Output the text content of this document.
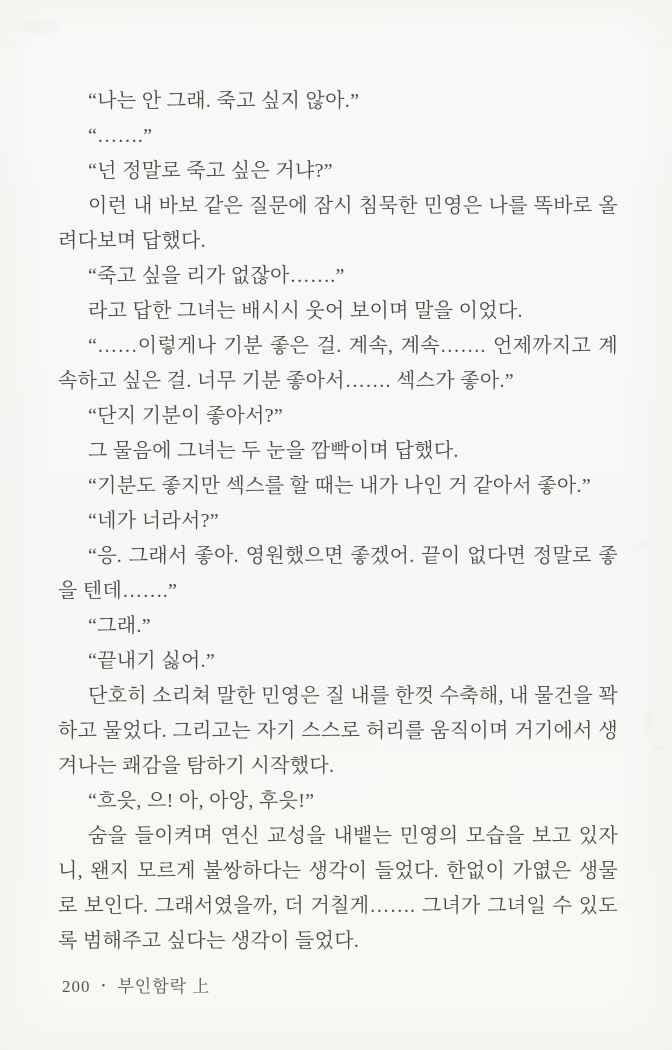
“나는 안 그래. 죽고 싶지 않아.”

“…….”

“넌 정말로 죽고 싶은 거냐?”

이런 내 바보 같은 질문에 잠시 침묵한 민영은 나를 똑바로 올려다보며 답했다.

“죽고 싶을 리가 없잖아…….”

라고 답한 그녀는 배시시 웃어 보이며 말을 이었다.

“……이렇게나 기분 좋은 걸. 계속, 계속……. 언제까지고 계속하고 싶은 걸. 너무 기분 좋아서……. 섹스가 좋아.”

“단지 기분이 좋아서?”

그 물음에 그녀는 두 눈을 깜빡이며 답했다.

“기분도 좋지만 섹스를 할 때는 내가 나인 거 같아서 좋아.”

“네가 너라서?”

“응. 그래서 좋아. 영원했으면 좋겠어. 끝이 없다면 정말로 좋을 텐데…….”

“그래.”

“끝내기 싫어.”

단호히 소리쳐 말한 민영은 질 내를 한껏 수축해, 내 물건을 꽉 하고 물었다. 그리고는 자기 스스로 허리를 움직이며 거기에서 생겨나는 쾌감을 탐하기 시작했다.

“흐읏, 으! 아, 아앙, 후읏!”

숨을 들이켜며 연신 교성을 내뱉는 민영의 모습을 보고 있자니, 왠지 모르게 불쌍하다는 생각이 들었다. 한없이 가엾은 생물로 보인다. 그래서였을까, 더 거칠게……. 그녀가 그녀일 수 있도록 범해주고 싶다는 생각이 들었다.

200 • 부인함락 上
